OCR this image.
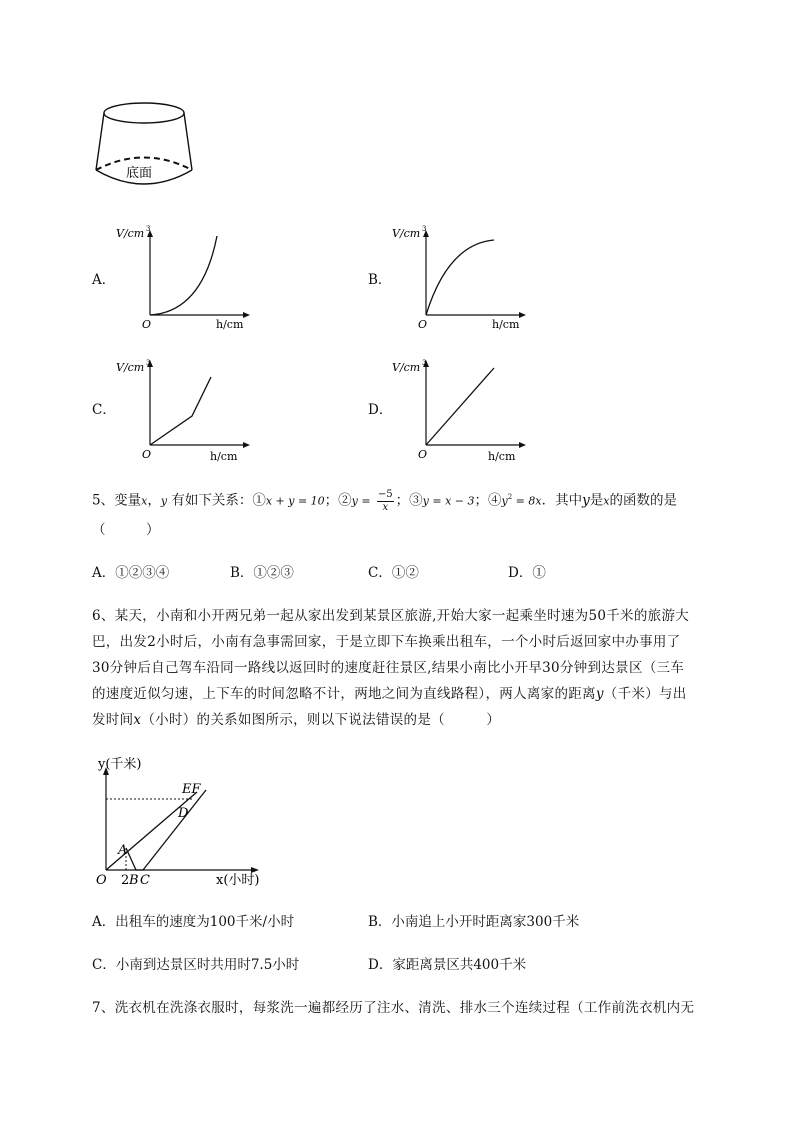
底面
A．
V/cm 3
O	h/cm
B．
V/cm 3
O	h/cm
C．
V/cm 3
O	h/cm
D．
V/cm 3
O	h/cm
5、变量x，y 有如下关系：①x + y = 10；②y = $\frac{-5}{x}$ ；③y = x − 3；$④y^2 = 8x$．其中y是x的函数的是
（　　　）
A．①②③④	B．①②③	C．①②	D．①
6、某天，小南和小开两兄弟一起从家出发到某景区旅游,开始大家一起乘坐时速为50千米的旅游大
巴，出发2小时后，小南有急事需回家，于是立即下车换乘出租车，一个小时后返回家中办事用了
30分钟后自己驾车沿同一路线以返回时的速度赶往景区,结果小南比小开早30分钟到达景区（三车
的速度近似匀速，上下车的时间忽略不计，两地之间为直线路程），两人离家的距离y（千米）与出
发时间x（小时）的关系如图所示，则以下说法错误的是（　　　）
y(千米)
x(小时)
O
A
D
EF
2 B C
A．出租车的速度为100千米/小时	B．小南追上小开时距离家300千米
C．小南到达景区时共用时7.5小时	D．家距离景区共400千米
7、洗衣机在洗涤衣服时，每浆洗一遍都经历了注水、清洗、排水三个连续过程（工作前洗衣机内无
